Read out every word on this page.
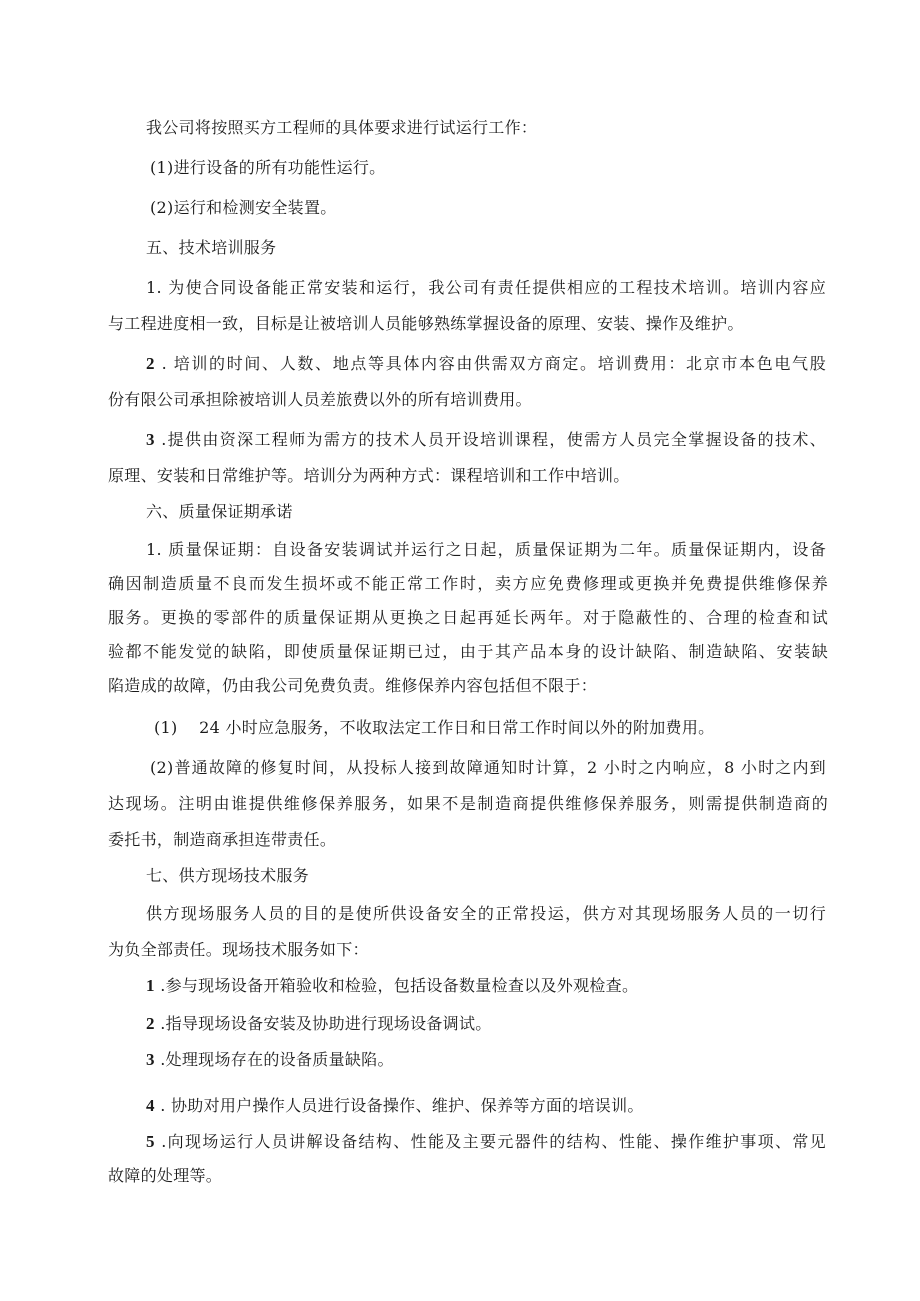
我公司将按照买方工程师的具体要求进行试运行工作：
(1)进行设备的所有功能性运行。
(2)运行和检测安全装置。
五、技术培训服务
1. 为使合同设备能正常安装和运行，我公司有责任提供相应的工程技术培训。培训内容应
与工程进度相一致，目标是让被培训人员能够熟练掌握设备的原理、安装、操作及维护。
2 . 培训的时间、人数、地点等具体内容由供需双方商定。培训费用：北京市本色电气股
份有限公司承担除被培训人员差旅费以外的所有培训费用。
3 .提供由资深工程师为需方的技术人员开设培训课程，使需方人员完全掌握设备的技术、
原理、安装和日常维护等。培训分为两种方式：课程培训和工作中培训。
六、质量保证期承诺
1. 质量保证期：自设备安装调试并运行之日起，质量保证期为二年。质量保证期内，设备
确因制造质量不良而发生损坏或不能正常工作时，卖方应免费修理或更换并免费提供维修保养
服务。更换的零部件的质量保证期从更换之日起再延长两年。对于隐蔽性的、合理的检查和试
验都不能发觉的缺陷，即使质量保证期已过，由于其产品本身的设计缺陷、制造缺陷、安装缺
陷造成的故障，仍由我公司免费负责。维修保养内容包括但不限于：
(1)    24 小时应急服务，不收取法定工作日和日常工作时间以外的附加费用。
(2)普通故障的修复时间，从投标人接到故障通知时计算，2 小时之内响应，8 小时之内到
达现场。注明由谁提供维修保养服务，如果不是制造商提供维修保养服务，则需提供制造商的
委托书，制造商承担连带责任。
七、供方现场技术服务
供方现场服务人员的目的是使所供设备安全的正常投运，供方对其现场服务人员的一切行
为负全部责任。现场技术服务如下：
1 .参与现场设备开箱验收和检验，包括设备数量检查以及外观检查。
2 .指导现场设备安装及协助进行现场设备调试。
3 .处理现场存在的设备质量缺陷。
4 . 协助对用户操作人员进行设备操作、维护、保养等方面的培误训。
5 .向现场运行人员讲解设备结构、性能及主要元器件的结构、性能、操作维护事项、常见
故障的处理等。
